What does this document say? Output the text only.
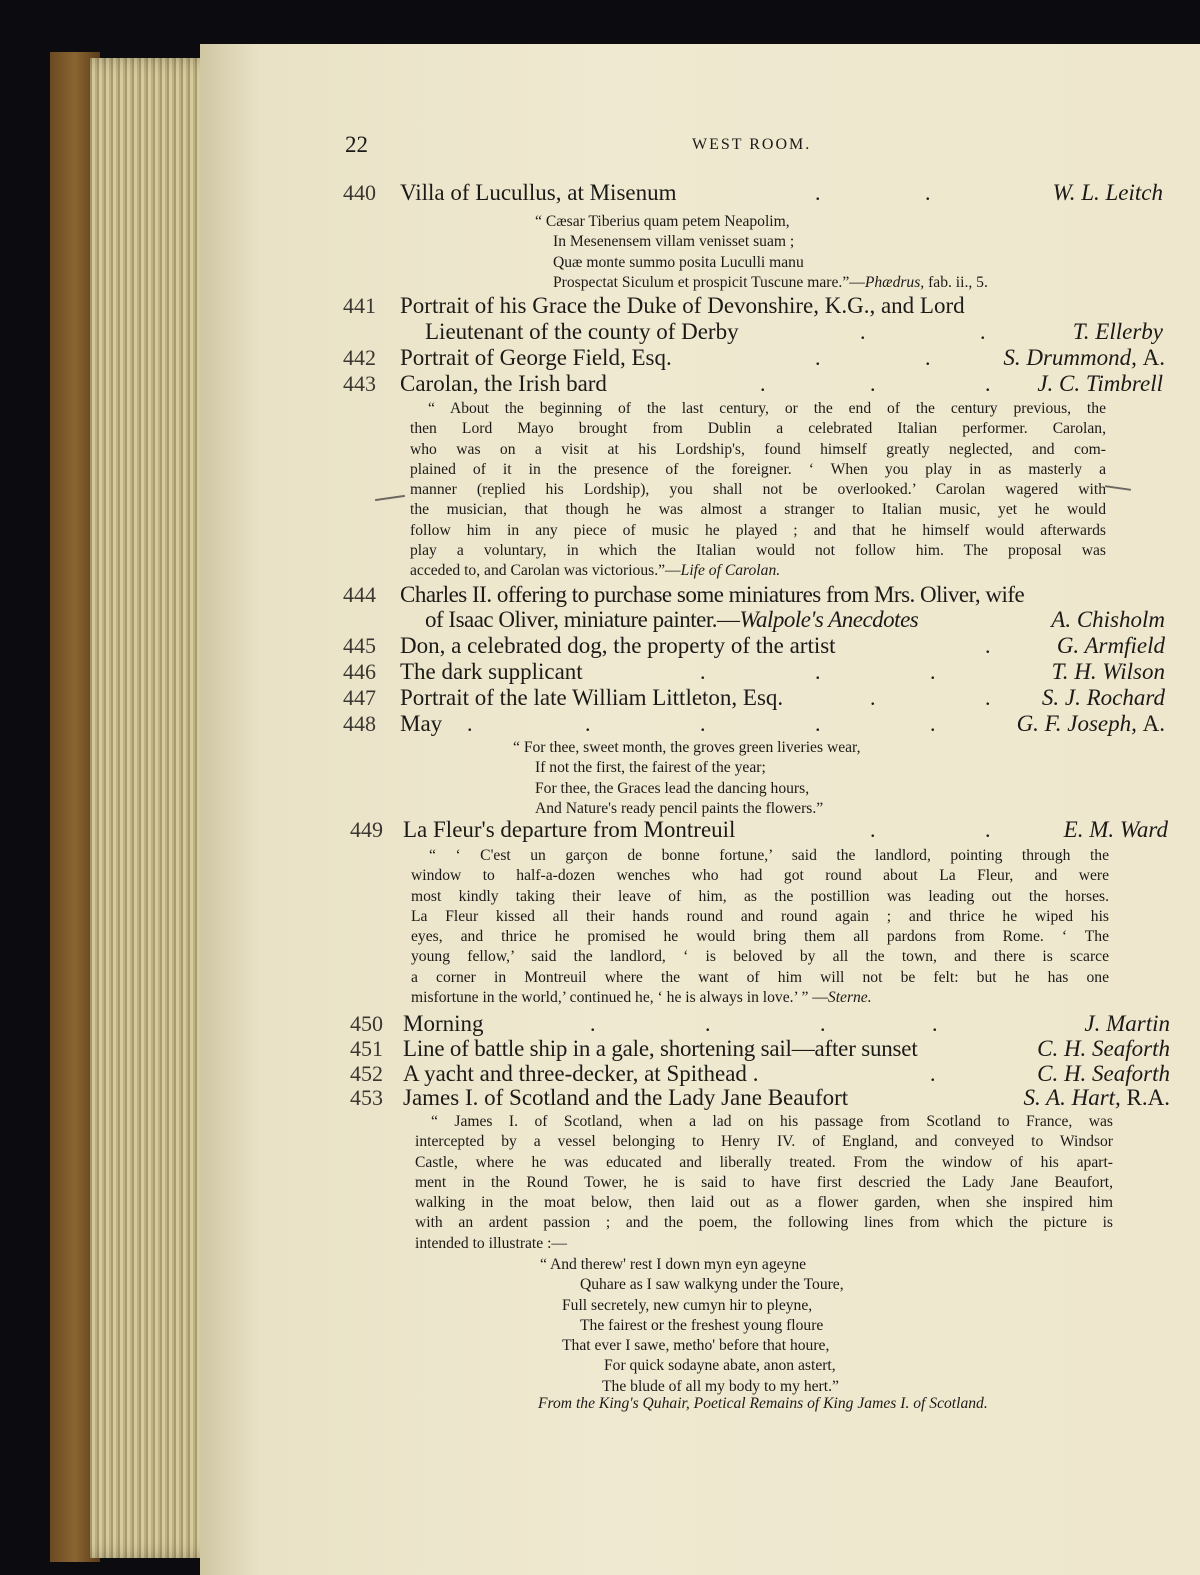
22	WEST ROOM.
440 Villa of Lucullus, at Misenum	.	.	W. L. Leitch

“ Cæsar Tiberius quam petem Neapolim,

In Mesenensem villam venisset suam ;

Quæ monte summo posita Luculli manu

Prospectat Siculum et prospicit Tuscune mare.”—Phædrus, fab. ii., 5.

441 Portrait of his Grace the Duke of Devonshire, K.G., and Lord
Lieutenant of the county of Derby	.	.	T. Ellerby
442 Portrait of George Field, Esq.	.	.	S. Drummond, A.
443 Carolan, the Irish bard	.	.	. J. C. Timbrell

“ About the beginning of the last century, or the end of the century previous, the

then Lord Mayo brought from Dublin a celebrated Italian performer. Carolan,

who was on a visit at his Lordship's, found himself greatly neglected, and com-

plained of it in the presence of the foreigner. ‘ When you play in as masterly a

manner (replied his Lordship), you shall not be overlooked.’ Carolan wagered with

the musician, that though he was almost a stranger to Italian music, yet he would

follow him in any piece of music he played ; and that he himself would afterwards

play a voluntary, in which the Italian would not follow him. The proposal was

acceded to, and Carolan was victorious.”—Life of Carolan.

444 Charles II. offering to purchase some miniatures from Mrs. Oliver, wife
of Isaac Oliver, miniature painter.—Walpole's Anecdotes	A. Chisholm
445 Don, a celebrated dog, the property of the artist	.	G. Armfield
446 The dark supplicant	.	.	.	T. H. Wilson
447 Portrait of the late William Littleton, Esq.	.	. S. J. Rochard
448 May .	.	.	.	.	G. F. Joseph, A.

“ For thee, sweet month, the groves green liveries wear,

If not the first, the fairest of the year;

For thee, the Graces lead the dancing hours,

And Nature's ready pencil paints the flowers.”

449 La Fleur's departure from Montreuil	.	.	E. M. Ward

“ ‘ C'est un garçon de bonne fortune,’ said the landlord, pointing through the

window to half-a-dozen wenches who had got round about La Fleur, and were

most kindly taking their leave of him, as the postillion was leading out the horses.

La Fleur kissed all their hands round and round again ; and thrice he wiped his

eyes, and thrice he promised he would bring them all pardons from Rome. ‘ The

young fellow,’ said the landlord, ‘ is beloved by all the town, and there is scarce

a corner in Montreuil where the want of him will not be felt: but he has one

misfortune in the world,’ continued he, ‘ he is always in love.’ ” —Sterne.

450 Morning	.	.	.	.	J. Martin
451 Line of battle ship in a gale, shortening sail—after sunset	C. H. Seaforth
452 A yacht and three-decker, at Spithead .	.	C. H. Seaforth
453 James I. of Scotland and the Lady Jane Beaufort	S. A. Hart, R.A.

“ James I. of Scotland, when a lad on his passage from Scotland to France, was

intercepted by a vessel belonging to Henry IV. of England, and conveyed to Windsor

Castle, where he was educated and liberally treated. From the window of his apart-

ment in the Round Tower, he is said to have first descried the Lady Jane Beaufort,

walking in the moat below, then laid out as a flower garden, when she inspired him

with an ardent passion ; and the poem, the following lines from which the picture is

intended to illustrate :—

“ And therew' rest I down myn eyn ageyne

Quhare as I saw walkyng under the Toure,

Full secretely, new cumyn hir to pleyne,

The fairest or the freshest young floure

That ever I sawe, metho' before that houre,

For quick sodayne abate, anon astert,

The blude of all my body to my hert.”

From the King's Quhair, Poetical Remains of King James I. of Scotland.
